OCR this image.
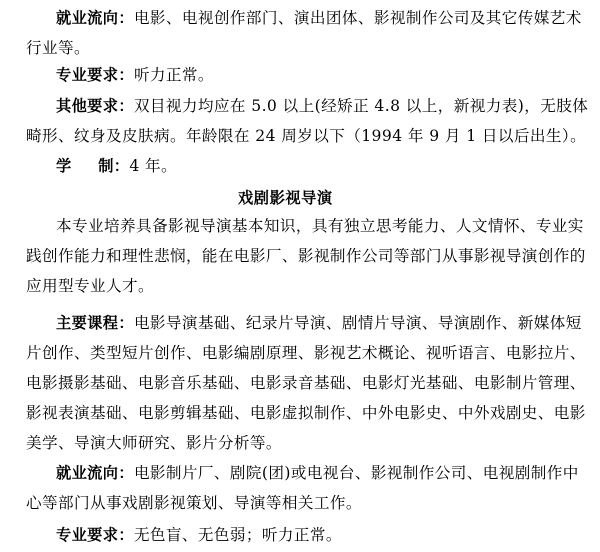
就业流向：电影、电视创作部门、演出团体、影视制作公司及其它传媒艺术
行业等。
专业要求：听力正常。
其他要求：双目视力均应在 5.0 以上(经矫正 4.8 以上，新视力表)，无肢体
畸形、纹身及皮肤病。年龄限在 24 周岁以下（1994 年 9 月 1 日以后出生）。
学制：4 年。
戏剧影视导演
本专业培养具备影视导演基本知识，具有独立思考能力、人文情怀、专业实
践创作能力和理性悲悯，能在电影厂、影视制作公司等部门从事影视导演创作的
应用型专业人才。
主要课程：电影导演基础、纪录片导演、剧情片导演、导演剧作、新媒体短
片创作、类型短片创作、电影编剧原理、影视艺术概论、视听语言、电影拉片、
电影摄影基础、电影音乐基础、电影录音基础、电影灯光基础、电影制片管理、
影视表演基础、电影剪辑基础、电影虚拟制作、中外电影史、中外戏剧史、电影
美学、导演大师研究、影片分析等。
就业流向：电影制片厂、剧院(团)或电视台、影视制作公司、电视剧制作中
心等部门从事戏剧影视策划、导演等相关工作。
专业要求：无色盲、无色弱；听力正常。
